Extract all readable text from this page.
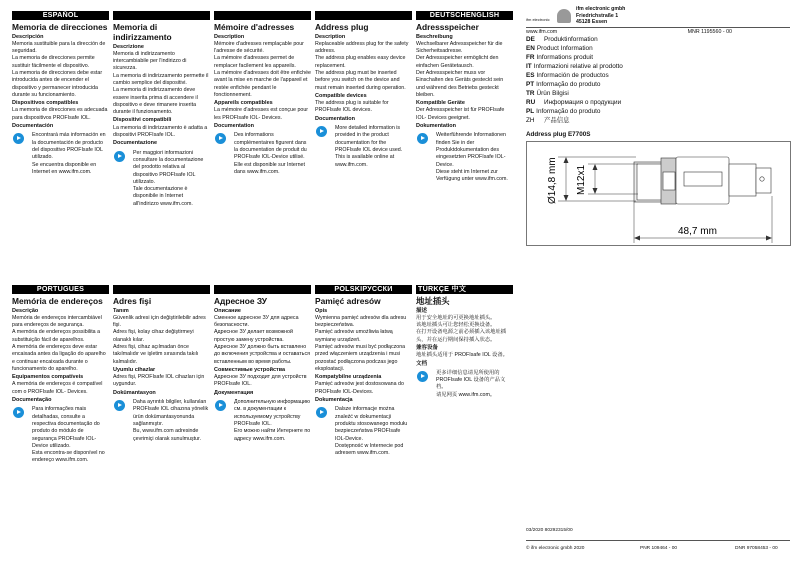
ESPAÑOL
Memoria de direcciones
Descripción
Memoria sustituible para la dirección de seguridad.
La memoria de direcciones permite sustituir fácilmente el dispositivo.
La memoria de direcciones debe estar introducida antes de encender el dispositivo y permanecer introducida durante su funcionamiento.
Dispositivos compatibles
La memoria de direcciones es adecuada para dispositivos PROFIsafe IOL.
Documentación
Encontrará más información en la documentación de producto del dispositivo PROFIsafe IOL utilizado.
Se encuentra disponible en Internet en www.ifm.com.
Memoria di indirizzamento
Descrizione
Memoria di indirizzamento intercambiabile per l'indirizzo di sicurezza.
La memoria di indirizzamento permette il cambio semplice del dispositivi.
La memoria di indirizzamento deve essere inserita prima di accendere il dispositivo e deve rimanere inserita durante il funzionamento.
Dispositivi compatibili
La memoria di indirizzamento è adatta a dispositivi PROFIsafe IOL.
Documentazione
Per maggiori informazioni consultare la documentazione del prodotto relativa al dispositivo PROFIsafe IOL utilizzato.
Tale documentazione è disponibile in Internet all'indirizzo www.ifm.com.
Mémoire d'adresses
Description
Mémoire d'adresses remplaçable pour l'adresse de sécurité.
La mémoire d'adresses permet de remplacer facilement les appareils.
La mémoire d'adresses doit être enfichée avant la mise en marche de l'appareil et restée enfichée pendant le fonctionnement.
Appareils compatibles
La mémoire d'adresses est conçue pour les PROFIsafe IOL- Devices.
Documentation
Des informations complémentaires figurent dans la documentation de produit du PROFIsafe IOL-Device utilisé.
Elle est disponible sur Internet dans www.ifm.com.
Address plug
Description
Replaceable address plug for the safety address.
The address plug enables easy device replacement.
The address plug must be inserted before you switch on the device and must remain inserted during operation.
Compatible devices
The address plug is suitable for PROFIsafe IOL devices.
Documentation
More detailed information is provided in the product documentation for the PROFIsafe IOL device used. This is available online at www.ifm.com.
DEUTSCHENGLISH
Adressspeicher
Beschreibung
Wechselbarer Adressspeicher für die Sicherheitsadresse.
Der Adressspeicher ermöglicht den einfachen Gerätetausch.
Der Adressspeicher muss vor Einschalten des Geräts gesteckt sein und während des Betriebs gesteckt bleiben.
Kompatible Geräte
Der Adressspeicher ist für PROFIsafe IOL- Devices geeignet.
Dokumentation
Weiterführende Informationen finden Sie in der Produktdokumentation des eingesetzten PROFIsafe IOL-Device.
Diese steht im Internet zur Verfügung unter www.ifm.com.
PORTUGUES
Memória de endereços
Descrição
Memória de endereços intercambiável para endereços de segurança.
A memória de endereços possibilita a substituição fácil de aparelhos.
A memória de endereços deve estar encaixada antes da ligação do aparelho e continuar encaixada durante o funcionamento do aparelho.
Equipamentos compatíveis
A memória de endereços é compatível com o PROFIsafe IOL- Devices.
Documentação
Para informações mais detalhadas, consulte a respectiva documentação do produto do módulo de segurança PROFIsafe IOL-Device utilizado.
Esta encontra-se disponível no endereço www.ifm.com.
Adres fişi
Tanım
Güvenlik adresi için değiştirilebilir adres fişi.
Adres fişi, kolay cihaz değiştirmeyi olanaklı kılar.
Adres fişi, cihaz açılmadan önce takılmalıdır ve işletim sırasında takılı kalmalıdır.
Uyumlu cihazlar
Adres fişi, PROFIsafe IOL cihazları için uygundur.
Dokümantasyon
Daha ayrıntılı bilgiler, kullanılan PROFIsafe IOL cihazına yönelik ürün dokümantasyonunda sağlanmıştır.
Bu, www.ifm.com adresinde çevrimiçi olarak sunulmuştur.
Адресное ЗУ
Описание
Сменное адресное ЗУ для адреса безопасности.
Адресное ЗУ делает возможной простую замену устройства.
Адресное ЗУ должно быть вставлено до включения устройства и оставаться вставленным во время работы.
Совместимые устройства
Адресное ЗУ подходит для устройств PROFIsafe IOL.
Документация
Дополнительную информацию см. в документации к используемому устройству PROFIsafe IOL.
Его можно найти Интернете по адресу www.ifm.com.
POLSKIРУССКИ
Pamięć adresów
Opis
Wymienna pamięć adresów dla adresu bezpieczeństwa.
Pamięć adresów umożliwia łatwą wymianę urządzeń.
Pamięć adresów musi być podłączona przed włączeniem urządzenia i musi pozostać podłączona podczas jego eksploatacji.
Kompatybilne urządzenia
Pamięć adresów jest dostosowana do PROFIsafe IOL-Devices.
Dokumentacja
Dalsze informacje można znaleźć w dokumentacji produktu stosowanego modułu bezpieczeństwa PROFIsafe IOL-Device.
Dostępność w Internecie pod adresem www.ifm.com.
TÜRKÇE 中文
地址插头
描述
用于安全地址的可更换地址插头。
该地址插头可让您轻松更换设备。
在打开设备电源之前必须插入该地址插头，并在运行期间保持插入状态。
兼容设备
地址插头适用于 PROFIsafe IOL 设备。
文档
更多详细信息请见所使用的 PROFIsafe IOL 设备的产品文档。
请见网页 www.ifm.com。
ifm electronic
ifm electronic gmbh
Friedrichstraße 1
45128 Essen
www.ifm.com	MNR 1195560 - 00
DE Produktinformation
EN Product Information
FR Informations produit
IT Informazioni relative al prodotto
ES Información de productos
PT Informação do produto
TR Ürün Bilgisi
RU Информация о продукции
PL Informação do produto
ZH 产品信息
Address plug E7700S
Ø14,8 mm M12x1
48,7 mm
03/2020 80292315/00
© ifm electronic gmbh 2020	PNR 109464 - 00	DNR 97058453 - 00
